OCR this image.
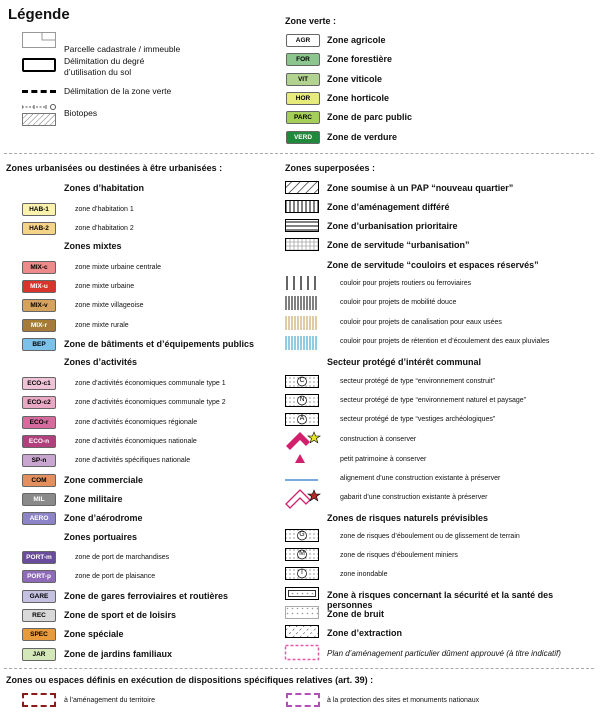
Légende
Parcelle cadastrale / immeuble
Délimitation du degré
d’utilisation du sol
Délimitation de la zone verte
Biotopes
Zone verte :
AGR	Zone agricole
FOR	Zone forestière
VIT	Zone viticole
HOR	Zone horticole
PARC	Zone de parc public
VERD	Zone de verdure
Zones urbanisées ou destinées à être urbanisées :
Zones d’habitation
HAB-1	zone d’habitation 1
HAB-2	zone d’habitation 2
MIX-c	zone mixte urbaine centrale
MIX-u	zone mixte urbaine
MIX-v	zone mixte villageoise
MIX-r	zone mixte rurale
BEP	Zone de bâtiments et d’équipements publics
ECO-c1	zone d’activités économiques communale type 1
ECO-c2	zone d’activités économiques communale type 2
ECO-r	zone d’activités économiques régionale
ECO-n	zone d’activités économiques nationale
SP-n	zone d’activités spécifiques nationale
COM	Zone commerciale
MIL	Zone militaire
AERO	Zone d’aérodrome
PORT-m	zone de port de marchandises
PORT-p	zone de port de plaisance
GARE	Zone de gares ferroviaires et routières
REC	Zone de sport et de loisirs
SPEC	Zone spéciale
JAR	Zone de jardins familiaux
Zones mixtes
Zones d’activités
Zones portuaires
Zones superposées :
C
N
A
G
M
I
Zone soumise à un PAP “nouveau quartier”
Zone d’aménagement différé
Zone d’urbanisation prioritaire
Zone de servitude “urbanisation”
Zone de servitude “couloirs et espaces réservés”
couloir pour projets routiers ou ferroviaires
couloir pour projets de mobilité douce
couloir pour projets de canalisation pour eaux usées
couloir pour projets de rétention et d’écoulement des eaux pluviales
Secteur protégé d’intérêt communal
secteur protégé de type “environnement construit”
secteur protégé de type “environnement naturel et paysage”
secteur protégé de type “vestiges archéologiques”
construction à conserver
petit patrimoine à conserver
alignement d’une construction existante à préserver
gabarit d’une construction existante à préserver
Zones de risques naturels prévisibles
zone de risques d’éboulement ou de glissement de terrain
zone de risques d’éboulement miniers
zone inondable
Zone à risques concernant la sécurité et la santé des personnes
Zone de bruit
Zone d’extraction
Plan d’aménagement particulier dûment approuvé (à titre indicatif)
Zones ou espaces définis en exécution de dispositions spécifiques relatives (art. 39) :
à l’aménagement du territoire	à la protection des sites et monuments nationaux
